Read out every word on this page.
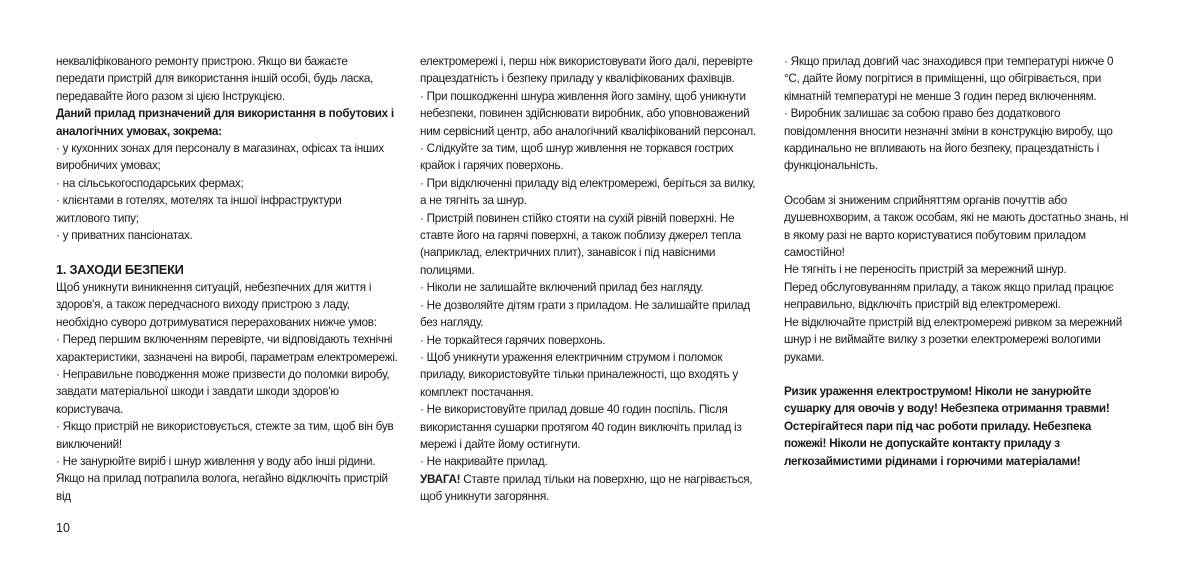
некваліфікованого ремонту пристрою. Якщо ви бажаєте передати пристрій для використання іншій особі, будь ласка, передавайте його разом зі цією Інструкцією.

Даний прилад призначений для використання в побутових і аналогічних умовах, зокрема:

· у кухонних зонах для персоналу в магазинах, офісах та інших виробничих умовах;

· на сільськогосподарських фермах;

· клієнтами в готелях, мотелях та іншої інфраструктури житлового типу;

· у приватних пансіонатах.

1. ЗАХОДИ БЕЗПЕКИ

Щоб уникнути виникнення ситуацій, небезпечних для життя і здоров'я, а також передчасного виходу пристрою з ладу, необхідно суворо дотримуватися перерахованих нижче умов:

· Перед першим включенням перевірте, чи відповідають технічні характеристики, зазначені на виробі, параметрам електромережі.

· Неправильне поводження може призвести до поломки виробу, завдати матеріальної шкоди і завдати шкоди здоров'ю користувача.

· Якщо пристрій не використовується, стежте за тим, щоб він був виключений!

· Не занурюйте виріб і шнур живлення у воду або інші рідини. Якщо на прилад потрапила волога, негайно відключіть пристрій від

електромережі і, перш ніж використовувати його далі, перевірте працездатність і безпеку приладу у кваліфікованих фахівців.

· При пошкодженні шнура живлення його заміну, щоб уникнути небезпеки, повинен здійснювати виробник, або уповноважений ним сервісний центр, або аналогічний кваліфікований персонал.

· Слідкуйте за тим, щоб шнур живлення не торкався гострих крайок і гарячих поверхонь.

· При відключенні приладу від електромережі, беріться за вилку, а не тягніть за шнур.

· Пристрій повинен стійко стояти на сухій рівній поверхні. Не ставте його на гарячі поверхні, а також поблизу джерел тепла (наприклад, електричних плит), занавісок і під навісними полицями.

· Ніколи не залишайте включений прилад без нагляду.

· Не дозволяйте дітям грати з приладом. Не залишайте прилад без нагляду.

· Не торкайтеся гарячих поверхонь.

· Щоб уникнути ураження електричним струмом і поломок приладу, використовуйте тільки приналежності, що входять у комплект постачання.

· Не використовуйте прилад довше 40 годин поспіль. Після використання сушарки протягом 40 годин виключіть прилад із мережі і дайте йому остигнути.

· Не накривайте прилад.

УВАГА! Ставте прилад тільки на поверхню, що не нагрівається, щоб уникнути загоряння.

· Якщо прилад довгий час знаходився при температурі нижче 0 °С, дайте йому погрітися в приміщенні, що обігрівається, при кімнатній температурі не менше 3 годин перед включенням.

· Виробник залишає за собою право без додаткового повідомлення вносити незначні зміни в конструкцію виробу, що кардинально не впливають на його безпеку, працездатність і функціональність.

Особам зі зниженим сприйняттям органів почуттів або душевнохворим, а також особам, які не мають достатньо знань, ні в якому разі не варто користуватися побутовим приладом самостійно!

Не тягніть і не переносіть пристрій за мережний шнур.

Перед обслуговуванням приладу, а також якщо прилад працює неправильно, відключіть пристрій від електромережі.

Не відключайте пристрій від електромережі ривком за мережний шнур і не виймайте вилку з розетки електромережі вологими руками.

Ризик ураження електрострумом! Ніколи не занурюйте сушарку для овочів у воду! Небезпека отримання травми! Остерігайтеся пари під час роботи приладу. Небезпека пожежі! Ніколи не допускайте контакту приладу з легкозаймистими рідинами і горючими матеріалами!

10
